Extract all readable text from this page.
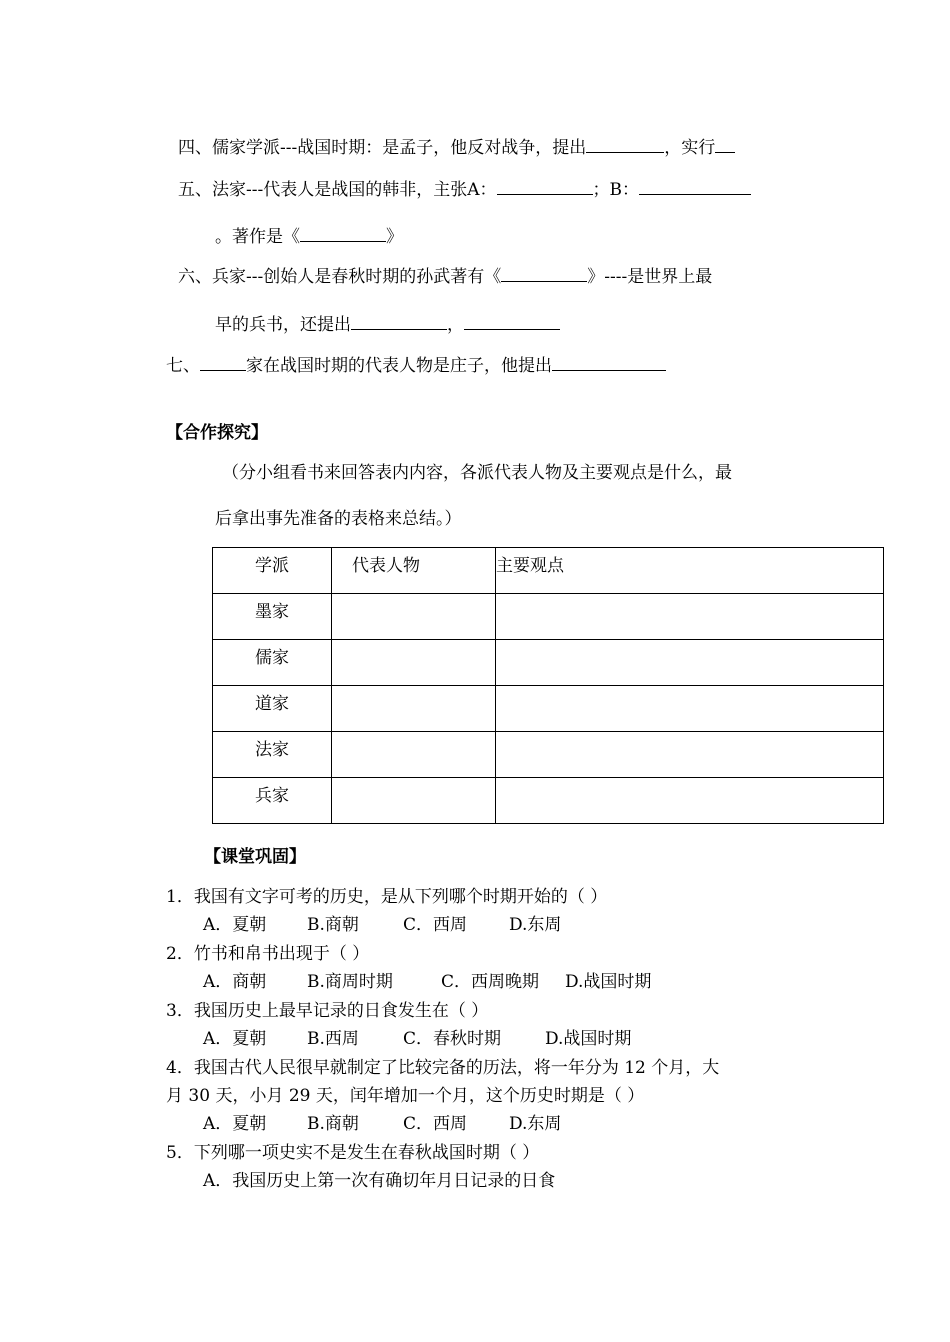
四、儒家学派---战国时期：是孟子，他反对战争，提出	，实行
五、法家---代表人是战国的韩非，主张A：	；B：
。著作是《	》
六、兵家---创始人是春秋时期的孙武著有《	》----是世界上最
早的兵书，还提出	，
七、	家在战国时期的代表人物是庄子，他提出
【合作探究】
（分小组看书来回答表内内容，各派代表人物及主要观点是什么，最
后拿出事先准备的表格来总结。）
学派	代表人物	主要观点
墨家		
儒家		
道家		
法家		
兵家		
【课堂巩固】
1．我国有文字可考的历史，是从下列哪个时期开始的（ ）
A．夏朝 B.商朝	C．西周 D.东周
2．竹书和帛书出现于（ ）
A．商朝 B.商周时期	C．西周晚期 D.战国时期
3．我国历史上最早记录的日食发生在（ ）
A．夏朝 B.西周	C．春秋时期	D.战国时期
4．我国古代人民很早就制定了比较完备的历法，将一年分为 12 个月，大
月 30 天，小月 29 天，闰年增加一个月，这个历史时期是（ ）
A．夏朝 B.商朝	C．西周 D.东周
5．下列哪一项史实不是发生在春秋战国时期（ ）
A．我国历史上第一次有确切年月日记录的日食
